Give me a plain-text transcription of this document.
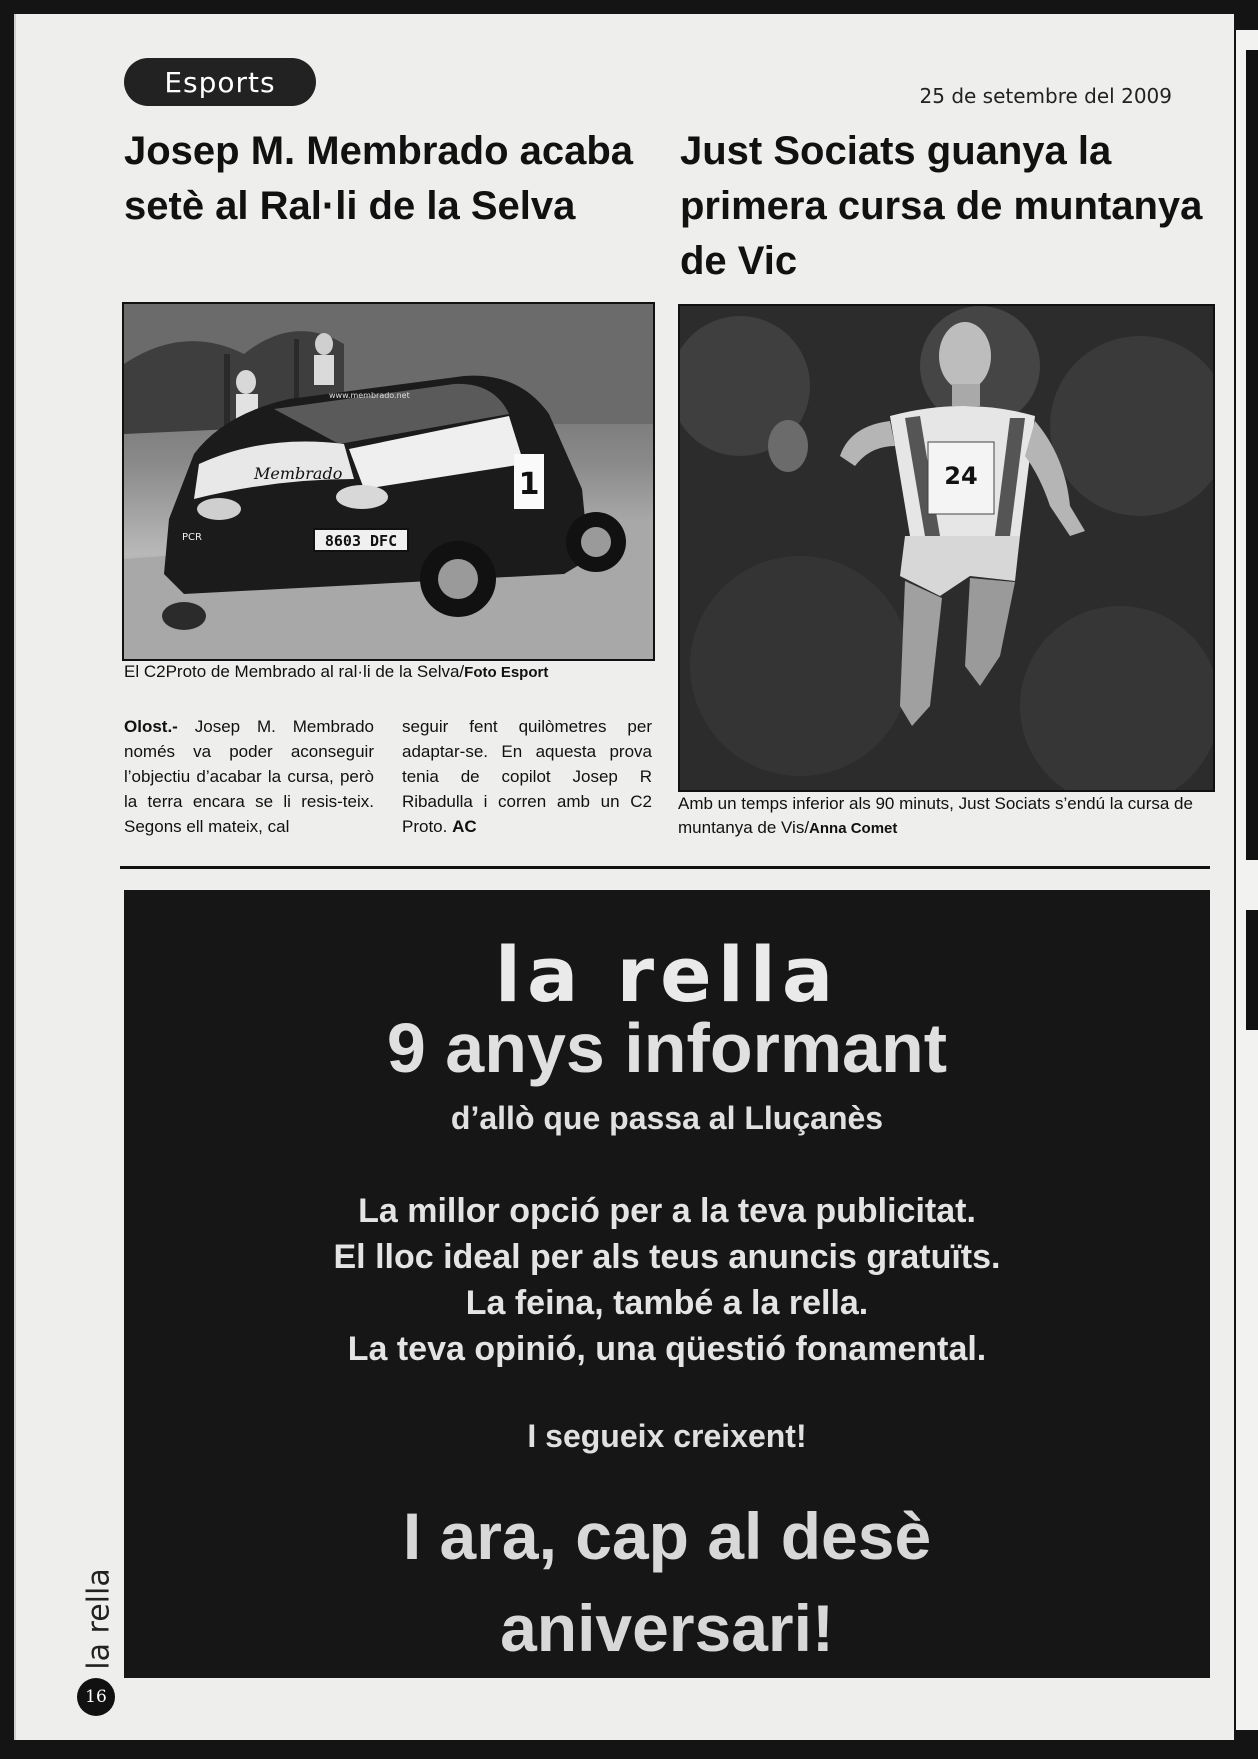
Esports	25 de setembre del 2009
Josep M. Membrado acaba setè al Ral·li de la Selva
Just Sociats guanya la primera cursa de muntanya de Vic
Membrado
www.membrado.net
PCR	8603 DFC
1
El C2Proto de Membrado al ral·li de la Selva/Foto Esport
Olost.- Josep M. Membrado només va poder aconseguir l’objectiu d’acabar la cursa, però la terra encara se li resis-teix. Segons ell mateix, cal
seguir fent quilòmetres per adaptar-se. En aquesta prova tenia de copilot Josep R Ribadulla i corren amb un C2 Proto. AC
24
Amb un temps inferior als 90 minuts, Just Sociats s’endú la cursa de muntanya de Vis/Anna Comet
la rella
9 anys informant
d’allò que passa al Lluçanès
La millor opció per a la teva publicitat.
El lloc ideal per als teus anuncis gratuïts.
La feina, també a la rella.
La teva opinió, una qüestió fonamental.
I segueix creixent!
I ara, cap al desè
aniversari!
la rella
16
